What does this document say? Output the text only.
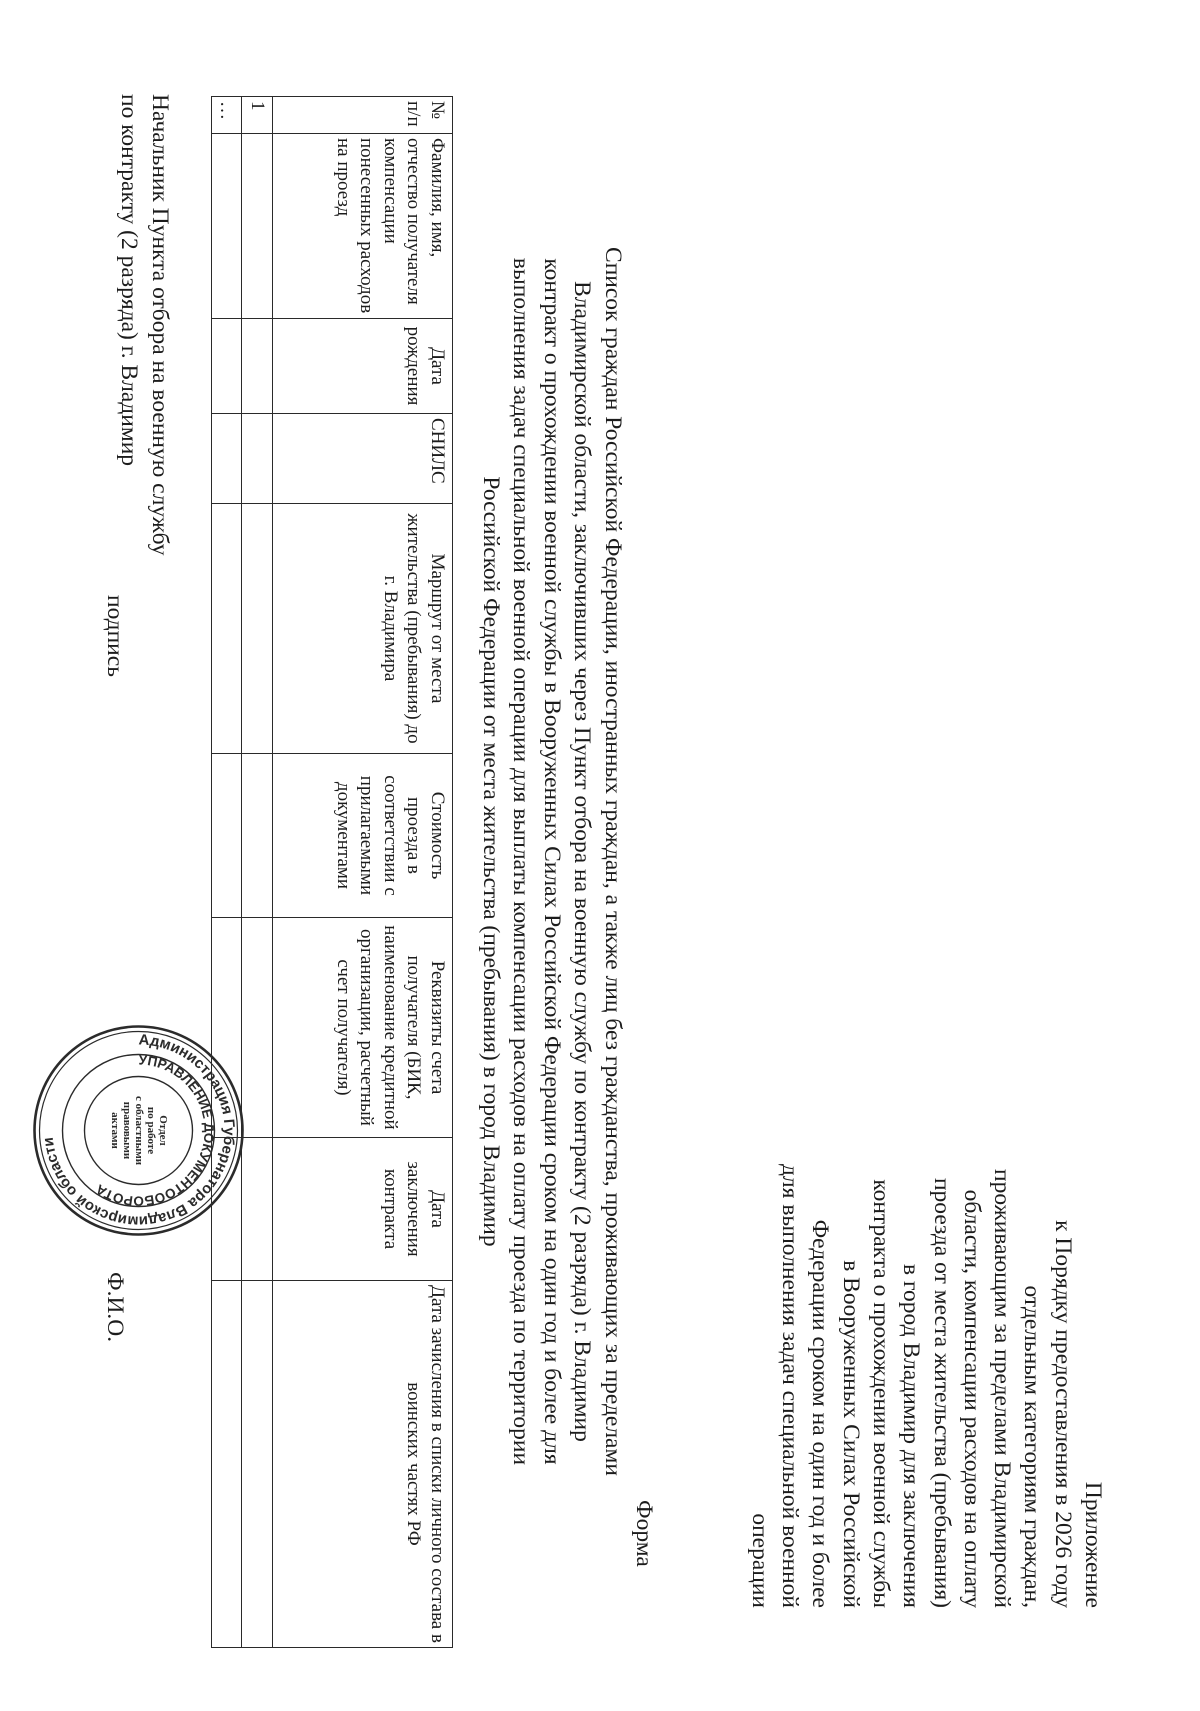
Приложение
к Порядку предоставления в 2026 году
отдельным категориям граждан,
проживающим за пределами Владимирской
области, компенсации расходов на оплату
проезда от места жительства (пребывания)
в город Владимир для заключения
контракта о прохождении военной службы
в Вооруженных Силах Российской
Федерации сроком на один год и более
для выполнения задач специальной военной
операции
Форма
Список граждан Российской Федерации, иностранных граждан, а также лиц без гражданства, проживающих за пределами
Владимирской области, заключивших через Пункт отбора на военную службу по контракту (2 разряда) г. Владимир
контракт о прохождении военной службы в Вооруженных Силах Российской Федерации сроком на один год и более для
выполнения задач специальной военной операции для выплаты компенсации расходов на оплату проезда по территории
Российской Федерации от места жительства (пребывания) в город Владимир
№ п/п	Фамилия, имя, отчество получателя компенсации понесенных расходов на проезд	Дата рождения	СНИЛС	Маршрут от места жительства (пребывания) до г. Владимира	Стоимость проезда в соответствии с прилагаемыми документами	Реквизиты счета получателя (БИК, наименование кредитной организации, расчетный счет получателя)	Дата заключения контракта	Дата зачисления в списки личного состава в воинских частях РФ
1								
…								
Начальник Пункта отбора на военную службу
по контракту (2 разряда) г. Владимир
подпись
Ф.И.О.
Администрация Губернатора Владимирской области
УПРАВЛЕНИЕ ДОКУМЕНТООБОРОТА
Отдел
по работе
с областными
правовыми
актами
